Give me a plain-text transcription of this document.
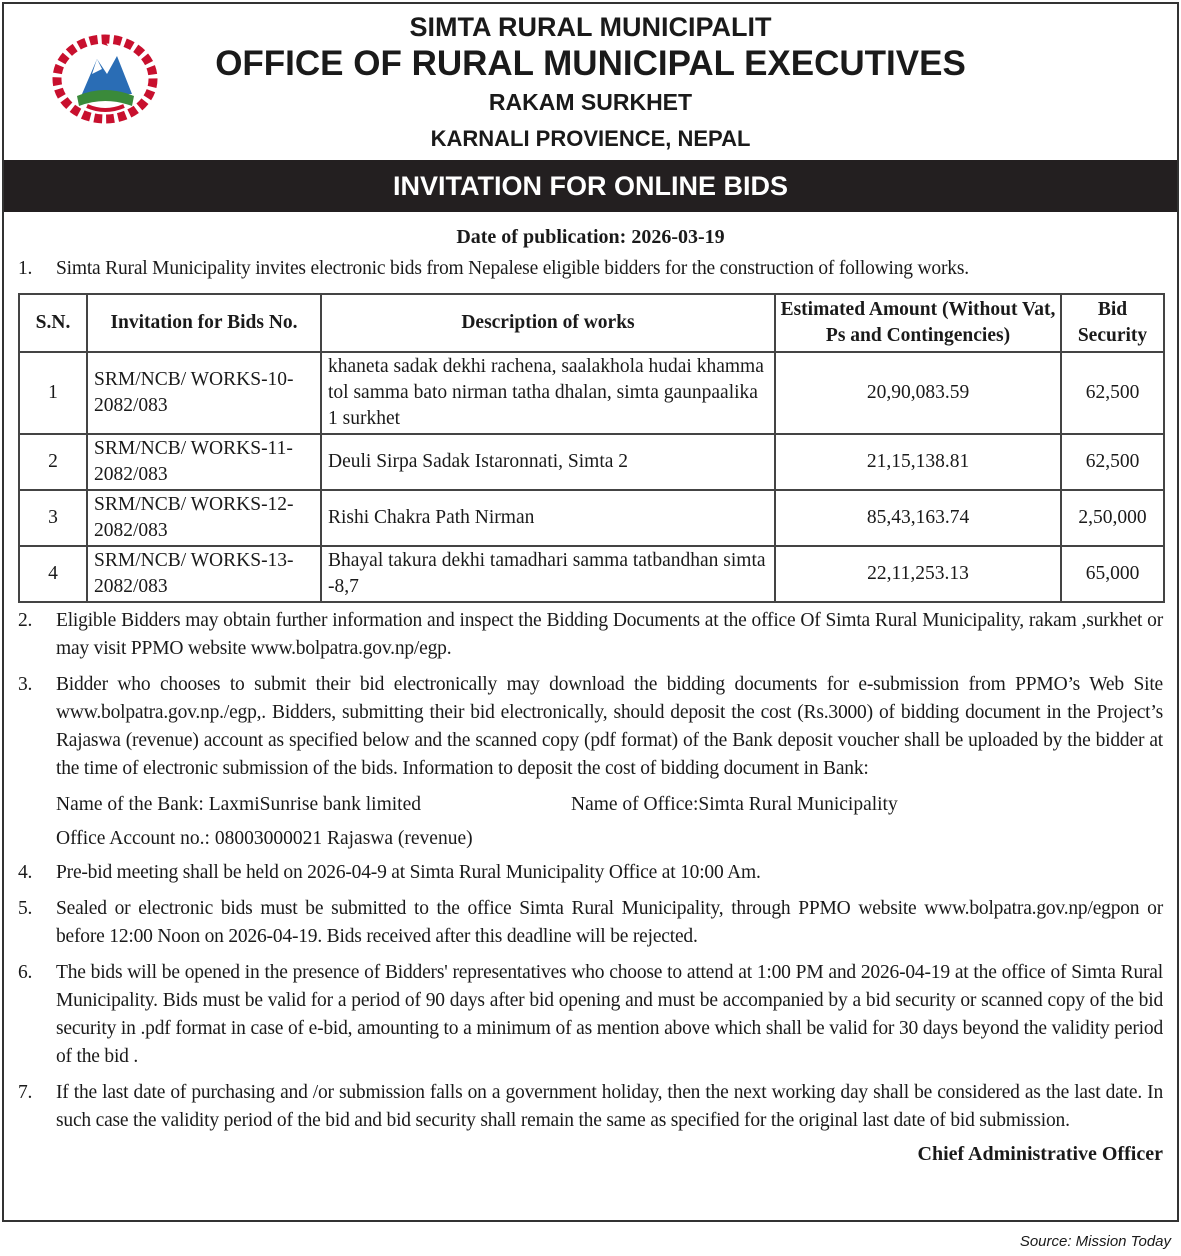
SIMTA RURAL MUNICIPALIT
OFFICE OF RURAL MUNICIPAL EXECUTIVES
RAKAM SURKHET
KARNALI PROVIENCE, NEPAL
INVITATION FOR ONLINE BIDS
Date of publication: 2026-03-19
1.	Simta Rural Municipality invites electronic bids from Nepalese eligible bidders for the construction of following works.
S.N.	Invitation for Bids No.	Description of works	Estimated Amount (Without Vat, Ps and Contingencies)	Bid Security
1	SRM/NCB/ WORKS-10-2082/083	khaneta sadak dekhi rachena, saalakhola hudai khamma tol samma bato nirman tatha dhalan, simta gaunpaalika 1 surkhet	20,90,083.59	62,500
2	SRM/NCB/ WORKS-11-2082/083	Deuli Sirpa Sadak Istaronnati, Simta 2	21,15,138.81	62,500
3	SRM/NCB/ WORKS-12-2082/083	Rishi Chakra Path Nirman	85,43,163.74	2,50,000
4	SRM/NCB/ WORKS-13-2082/083	Bhayal takura dekhi tamadhari samma tatbandhan simta -8,7	22,11,253.13	65,000
2.	Eligible Bidders may obtain further information and inspect the Bidding Documents at the office Of Simta Rural Municipality, rakam ,surkhet or may visit PPMO website www.bolpatra.gov.np/egp.
3.	Bidder who chooses to submit their bid electronically may download the bidding documents for e-submission from PPMO’s Web Site www.bolpatra.gov.np./egp,. Bidders, submitting their bid electronically, should deposit the cost (Rs.3000) of bidding document in the Project’s Rajaswa (revenue) account as specified below and the scanned copy (pdf format) of the Bank deposit voucher shall be uploaded by the bidder at the time of electronic submission of the bids. Information to deposit the cost of bidding document in Bank:
Name of the Bank: LaxmiSunrise bank limited	Name of Office:Simta Rural Municipality
Office Account no.: 08003000021 Rajaswa (revenue)
4.	Pre-bid meeting shall be held on 2026-04-9 at Simta Rural Municipality Office at 10:00 Am.
5.	Sealed or electronic bids must be submitted to the office Simta Rural Municipality, through PPMO website www.bolpatra.gov.np/egpon or before 12:00 Noon on 2026-04-19. Bids received after this deadline will be rejected.
6.	The bids will be opened in the presence of Bidders' representatives who choose to attend at 1:00 PM and 2026-04-19 at the office of Simta Rural Municipality. Bids must be valid for a period of 90 days after bid opening and must be accompanied by a bid security or scanned copy of the bid security in .pdf format in case of e-bid, amounting to a minimum of as mention above which shall be valid for 30 days beyond the validity period of the bid .
7.	If the last date of purchasing and /or submission falls on a government holiday, then the next working day shall be considered as the last date. In such case the validity period of the bid and bid security shall remain the same as specified for the original last date of bid submission.
Chief Administrative Officer
Source: Mission Today
